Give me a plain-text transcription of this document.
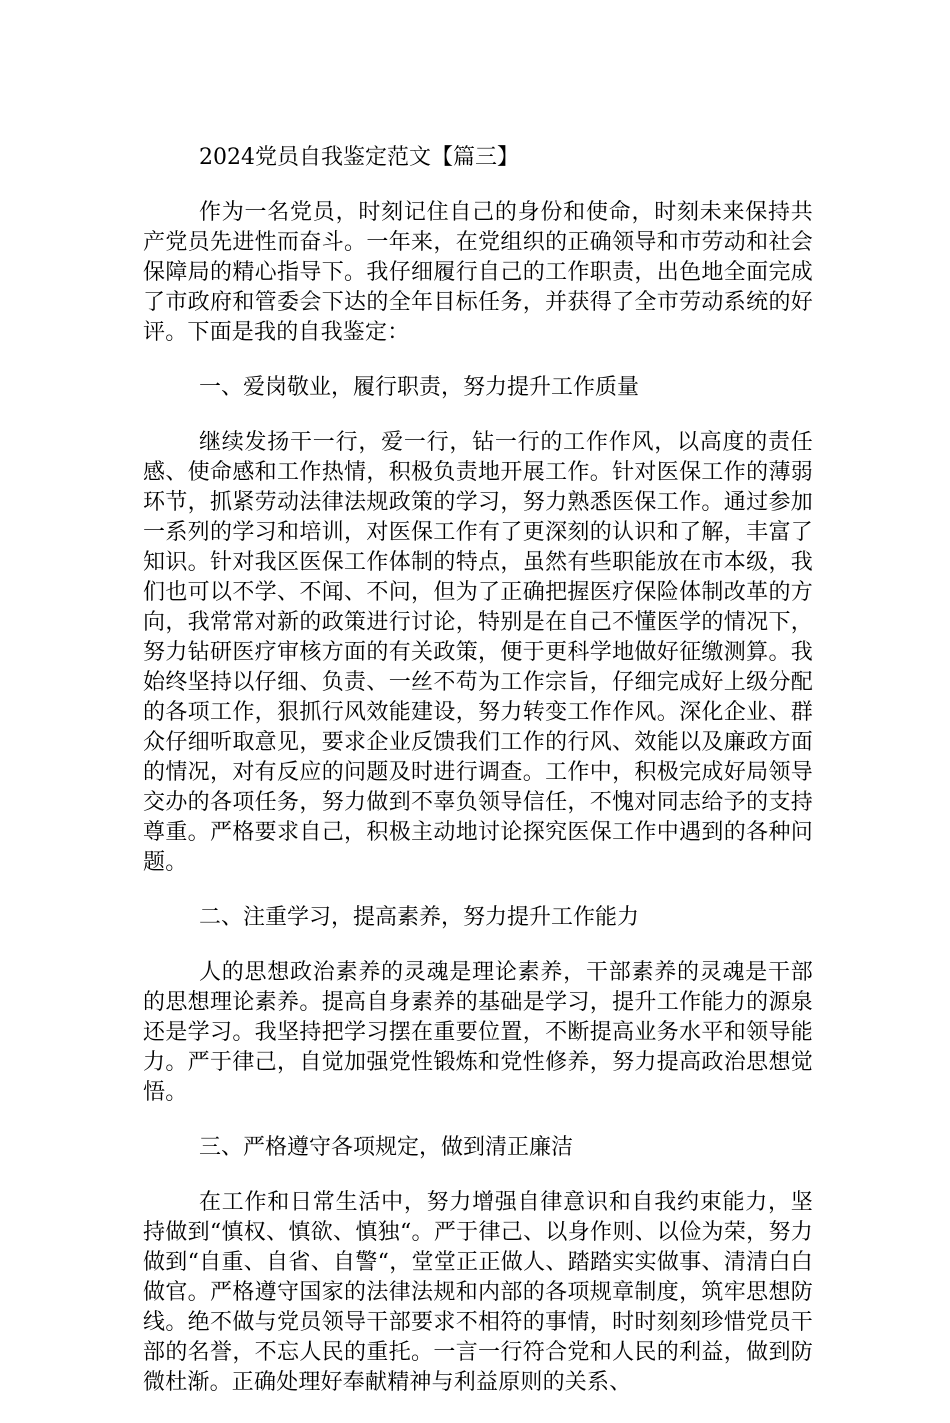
2024党员自我鉴定范文【篇三】

作为一名党员，时刻记住自己的身份和使命，时刻未来保持共产党员先进性而奋斗。一年来，在党组织的正确领导和市劳动和社会保障局的精心指导下。我仔细履行自己的工作职责，出色地全面完成了市政府和管委会下达的全年目标任务，并获得了全市劳动系统的好评。下面是我的自我鉴定：

一、爱岗敬业，履行职责，努力提升工作质量

继续发扬干一行，爱一行，钻一行的工作作风，以高度的责任感、使命感和工作热情，积极负责地开展工作。针对医保工作的薄弱环节，抓紧劳动法律法规政策的学习，努力熟悉医保工作。通过参加一系列的学习和培训，对医保工作有了更深刻的认识和了解，丰富了知识。针对我区医保工作体制的特点，虽然有些职能放在市本级，我们也可以不学、不闻、不问，但为了正确把握医疗保险体制改革的方向，我常常对新的政策进行讨论，特别是在自己不懂医学的情况下，努力钻研医疗审核方面的有关政策，便于更科学地做好征缴测算。我始终坚持以仔细、负责、一丝不苟为工作宗旨，仔细完成好上级分配的各项工作，狠抓行风效能建设，努力转变工作作风。深化企业、群众仔细听取意见，要求企业反馈我们工作的行风、效能以及廉政方面的情况，对有反应的问题及时进行调查。工作中，积极完成好局领导交办的各项任务，努力做到不辜负领导信任，不愧对同志给予的支持尊重。严格要求自己，积极主动地讨论探究医保工作中遇到的各种问题。

二、注重学习，提高素养，努力提升工作能力

人的思想政治素养的灵魂是理论素养，干部素养的灵魂是干部的思想理论素养。提高自身素养的基础是学习，提升工作能力的源泉还是学习。我坚持把学习摆在重要位置，不断提高业务水平和领导能力。严于律己，自觉加强党性锻炼和党性修养，努力提高政治思想觉悟。

三、严格遵守各项规定，做到清正廉洁

在工作和日常生活中，努力增强自律意识和自我约束能力，坚持做到“慎权、慎欲、慎独“。严于律己、以身作则、以俭为荣，努力做到“自重、自省、自警“，堂堂正正做人、踏踏实实做事、清清白白做官。严格遵守国家的法律法规和内部的各项规章制度，筑牢思想防线。绝不做与党员领导干部要求不相符的事情，时时刻刻珍惜党员干部的名誉，不忘人民的重托。一言一行符合党和人民的利益，做到防微杜渐。正确处理好奉献精神与利益原则的关系、
